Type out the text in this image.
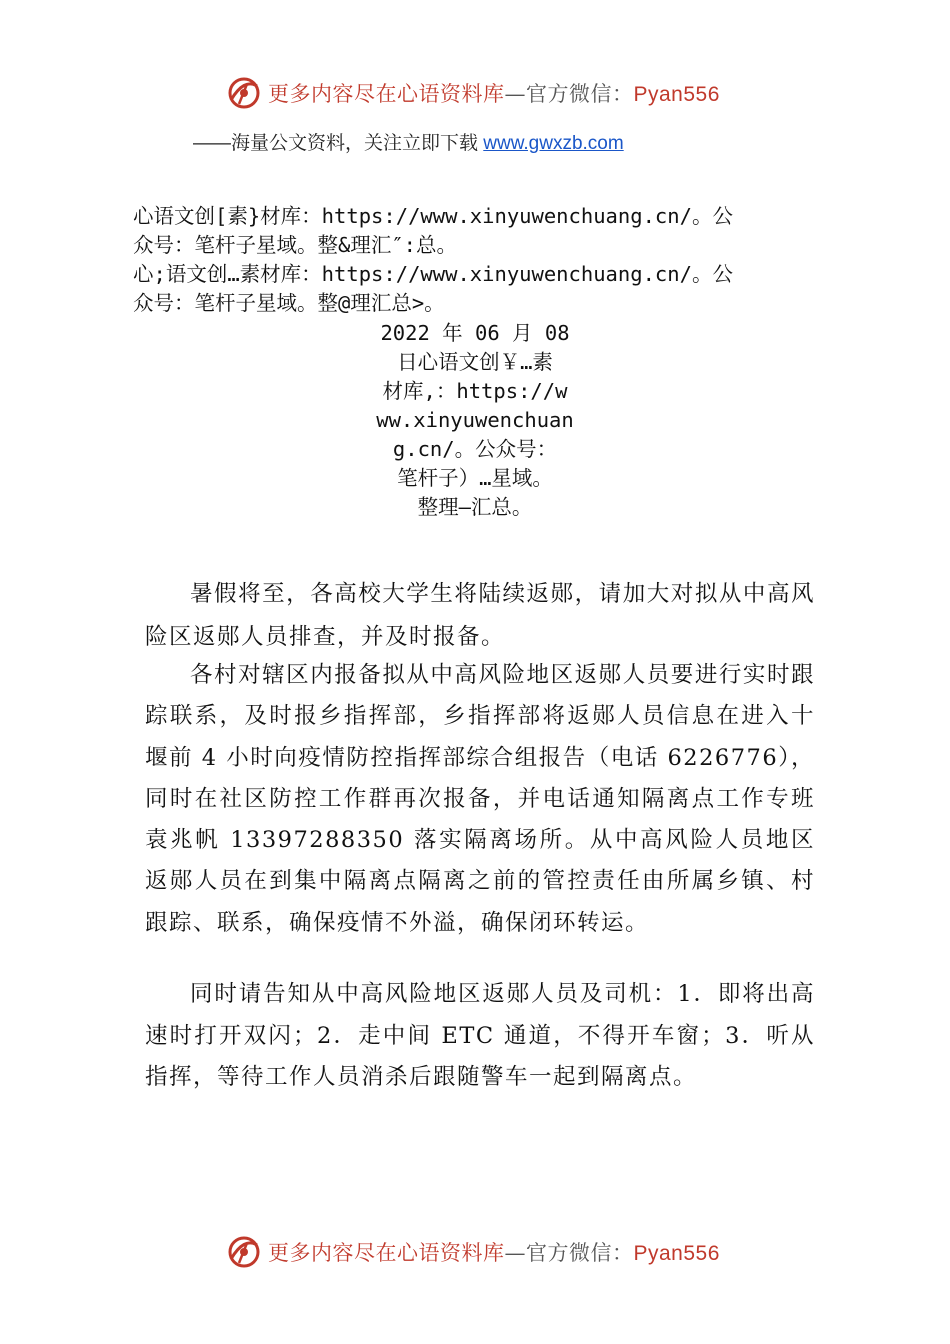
更多内容尽在心语资料库—官方微信：Pyan556
——海量公文资料，关注立即下载 www.gwxzb.com
心语文创[素}材库：https://www.xinyuwenchuang.cn/。公
众号：笔杆子星域。整&理汇″:总。
心;语文创…素材库：https://www.xinyuwenchuang.cn/。公
众号：笔杆子星域。整@理汇总>。
2022 年 06 月 08
日心语文创￥…素
材库,：https://w
ww.xinyuwenchuan
g.cn/。公众号：
笔杆子）…星域。
整理—汇总。

暑假将至，各高校大学生将陆续返郧，请加大对拟从中高风险区返郧人员排查，并及时报备。

各村对辖区内报备拟从中高风险地区返郧人员要进行实时跟踪联系，及时报乡指挥部，乡指挥部将返郧人员信息在进入十堰前 4 小时向疫情防控指挥部综合组报告（电话 6226776），同时在社区防控工作群再次报备，并电话通知隔离点工作专班袁兆帆 13397288350 落实隔离场所。从中高风险人员地区返郧人员在到集中隔离点隔离之前的管控责任由所属乡镇、村跟踪、联系，确保疫情不外溢，确保闭环转运。

同时请告知从中高风险地区返郧人员及司机：1．即将出高速时打开双闪；2．走中间 ETC 通道，不得开车窗；3．听从指挥，等待工作人员消杀后跟随警车一起到隔离点。

更多内容尽在心语资料库—官方微信：Pyan556
